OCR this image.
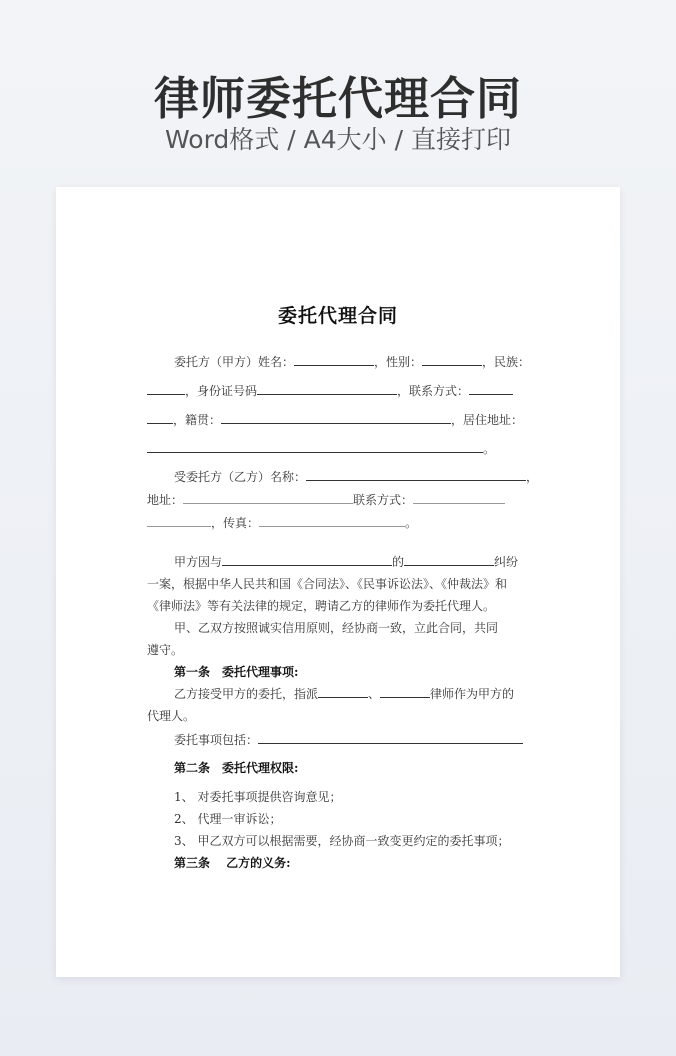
律师委托代理合同
Word格式 / A4大小 / 直接打印
委托代理合同
委托方（甲方）姓名：	，性别：	，民族：
，身份证号码	，联系方式：
，籍贯：	，居住地址：
。
受委托方（乙方）名称：	，
地址：	联系方式：
，传真：	。
甲方因与	的	纠纷
一案，根据中华人民共和国《合同法》、《民事诉讼法》、《仲裁法》和
《律师法》等有关法律的规定，聘请乙方的律师作为委托代理人。
甲、乙双方按照诚实信用原则，经协商一致，立此合同，共同
遵守。
第一条　委托代理事项:
乙方接受甲方的委托，指派	、	律师作为甲方的
代理人。
委托事项包括：
第二条　委托代理权限:
1、 对委托事项提供咨询意见；
2、 代理一审诉讼；
3、 甲乙双方可以根据需要，经协商一致变更约定的委托事项；
第三条　 乙方的义务:
